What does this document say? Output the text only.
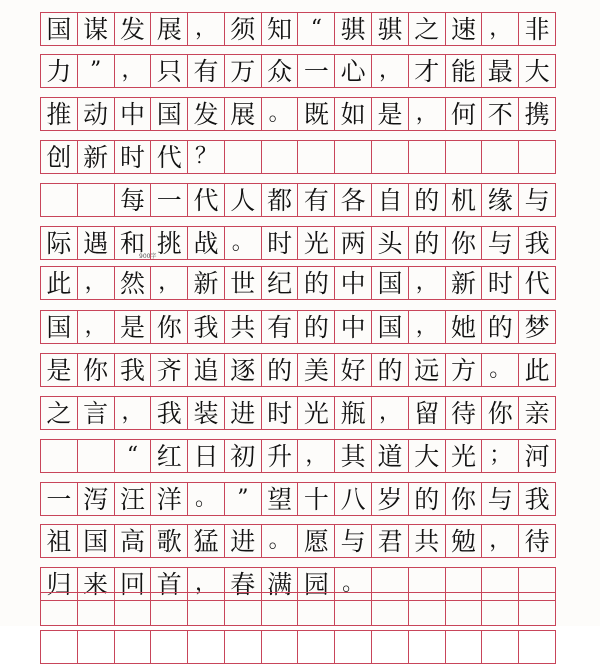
国 谋 发 展 ， 须 知 “ 骐 骐 之 速 ， 非
力 ” ， 只 有 万 众 一 心 ， 才 能 最 大
推 动 中 国 发 展 。 既 如 是 ， 何 不 携
创 新 时 代 ？
每 一 代 人 都 有 各 自 的 机 缘 与
际 遇 和 挑 战 。 时 光 两 头 的 你 与 我
此 ， 然 ， 新 世 纪 的 中 国 ， 新 时 代
国 ， 是 你 我 共 有 的 中 国 ， 她 的 梦
是 你 我 齐 追 逐 的 美 好 的 远 方 。 此
之 言 ， 我 装 进 时 光 瓶 ， 留 待 你 亲
“ 红 日 初 升 ， 其 道 大 光 ； 河
一 泻 汪 洋 。 ” 望 十 八 岁 的 你 与 我
祖 国 高 歌 猛 进 。 愿 与 君 共 勉 ， 待
归 来 回 首 ， 春 满 园 。
900字
